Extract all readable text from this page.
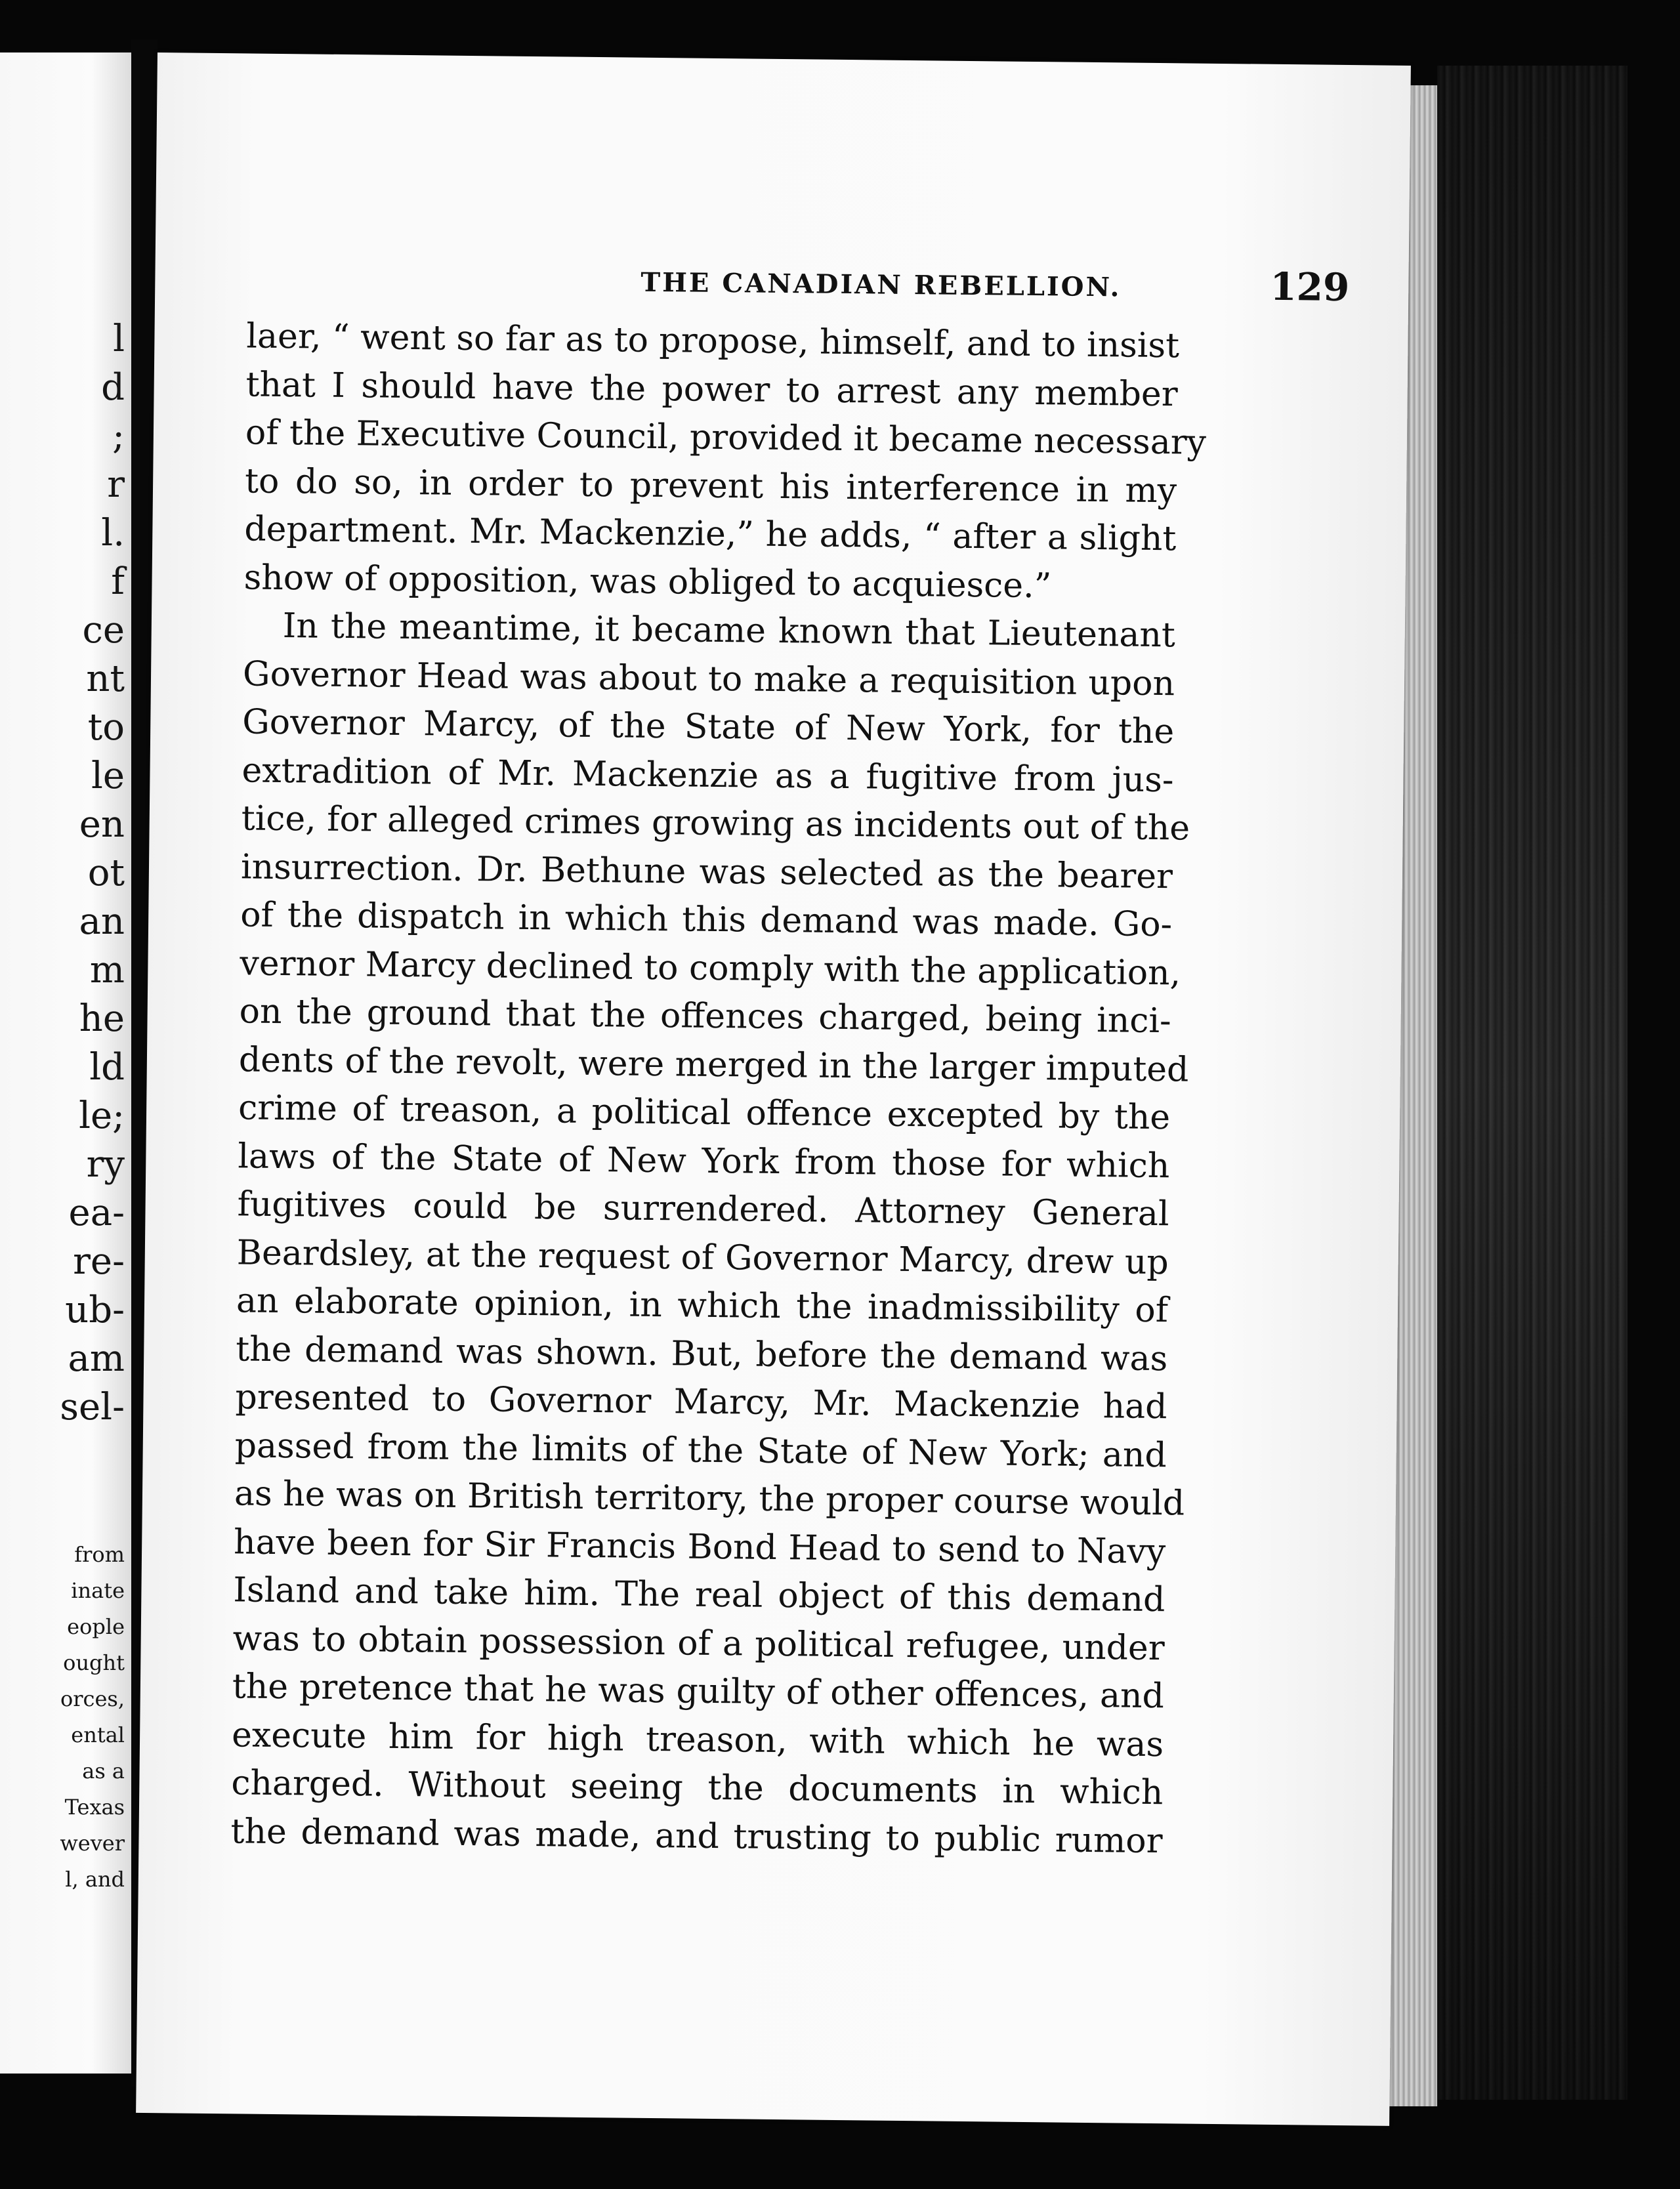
l
d
;
r
l.
f
ce
nt
to
le
en
ot
an
m
he
ld
le;
ry
ea-
re-
ub-
am
sel-
from
inate
eople
ought
orces,
ental
as a
Texas
wever
l, and
THE CANADIAN REBELLION.	129
laer, “ went so far as to propose, himself, and to insist
that I should have the power to arrest any member
of the Executive Council, provided it became necessary
to do so, in order to prevent his interference in my
department. Mr. Mackenzie,” he adds, “ after a slight
show of opposition, was obliged to acquiesce.”
In the meantime, it became known that Lieutenant
Governor Head was about to make a requisition upon
Governor Marcy, of the State of New York, for the
extradition of Mr. Mackenzie as a fugitive from jus-
tice, for alleged crimes growing as incidents out of the
insurrection. Dr. Bethune was selected as the bearer
of the dispatch in which this demand was made. Go-
vernor Marcy declined to comply with the application,
on the ground that the offences charged, being inci-
dents of the revolt, were merged in the larger imputed
crime of treason, a political offence excepted by the
laws of the State of New York from those for which
fugitives could be surrendered. Attorney General
Beardsley, at the request of Governor Marcy, drew up
an elaborate opinion, in which the inadmissibility of
the demand was shown. But, before the demand was
presented to Governor Marcy, Mr. Mackenzie had
passed from the limits of the State of New York; and
as he was on British territory, the proper course would
have been for Sir Francis Bond Head to send to Navy
Island and take him. The real object of this demand
was to obtain possession of a political refugee, under
the pretence that he was guilty of other offences, and
execute him for high treason, with which he was
charged. Without seeing the documents in which
the demand was made, and trusting to public rumor
